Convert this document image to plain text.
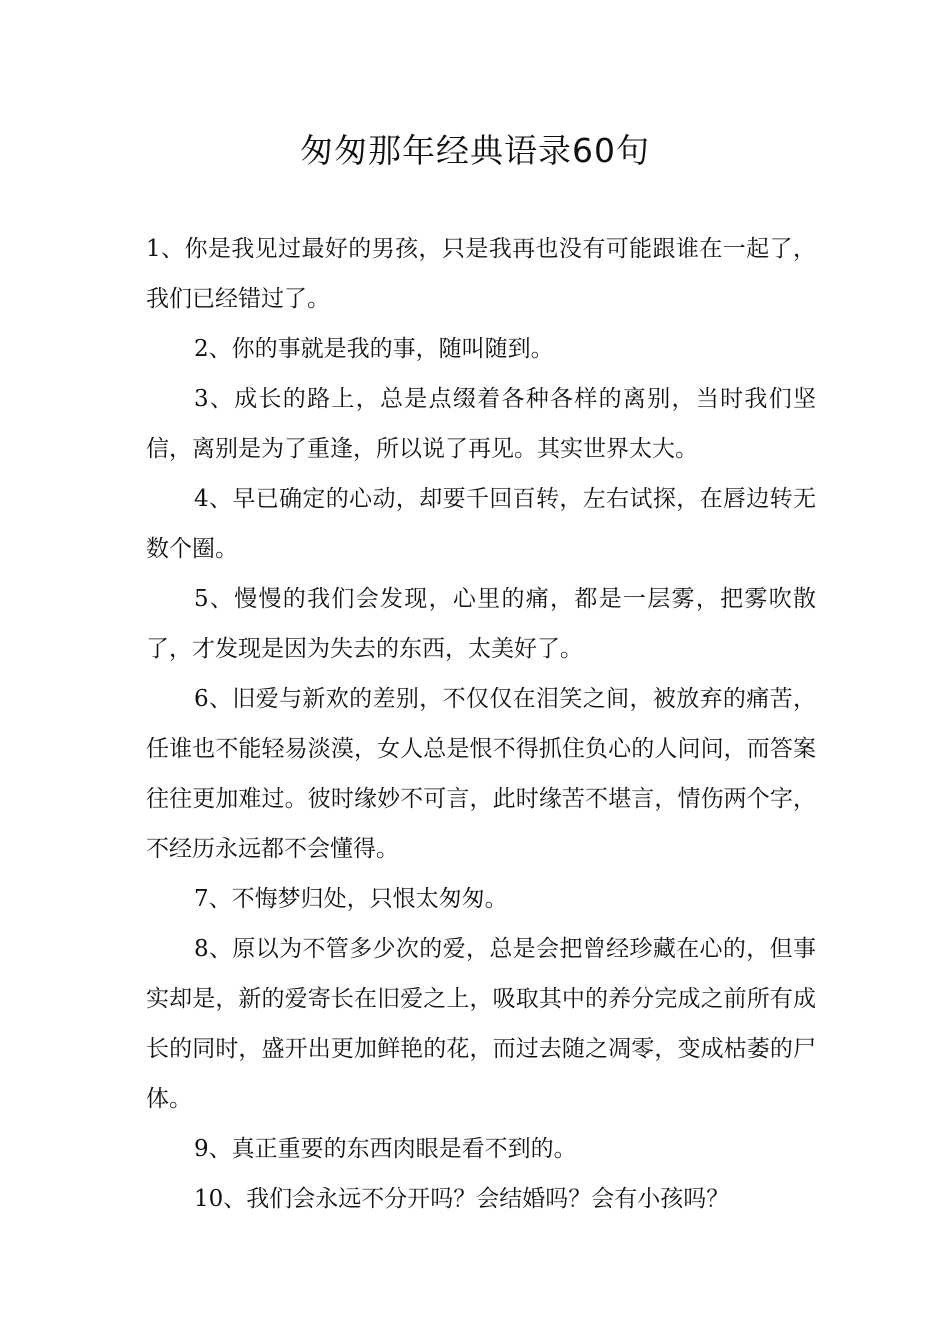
匆匆那年经典语录60句

1、你是我见过最好的男孩，只是我再也没有可能跟谁在一起了，我们已经错过了。

2、你的事就是我的事，随叫随到。

3、成长的路上，总是点缀着各种各样的离别，当时我们坚信，离别是为了重逢，所以说了再见。其实世界太大。

4、早已确定的心动，却要千回百转，左右试探，在唇边转无数个圈。

5、慢慢的我们会发现，心里的痛，都是一层雾，把雾吹散了，才发现是因为失去的东西，太美好了。

6、旧爱与新欢的差别，不仅仅在泪笑之间，被放弃的痛苦，任谁也不能轻易淡漠，女人总是恨不得抓住负心的人问问，而答案往往更加难过。彼时缘妙不可言，此时缘苦不堪言，情伤两个字，不经历永远都不会懂得。

7、不悔梦归处，只恨太匆匆。

8、原以为不管多少次的爱，总是会把曾经珍藏在心的，但事实却是，新的爱寄长在旧爱之上，吸取其中的养分完成之前所有成长的同时，盛开出更加鲜艳的花，而过去随之凋零，变成枯萎的尸体。

9、真正重要的东西肉眼是看不到的。

10、我们会永远不分开吗？会结婚吗？会有小孩吗？
